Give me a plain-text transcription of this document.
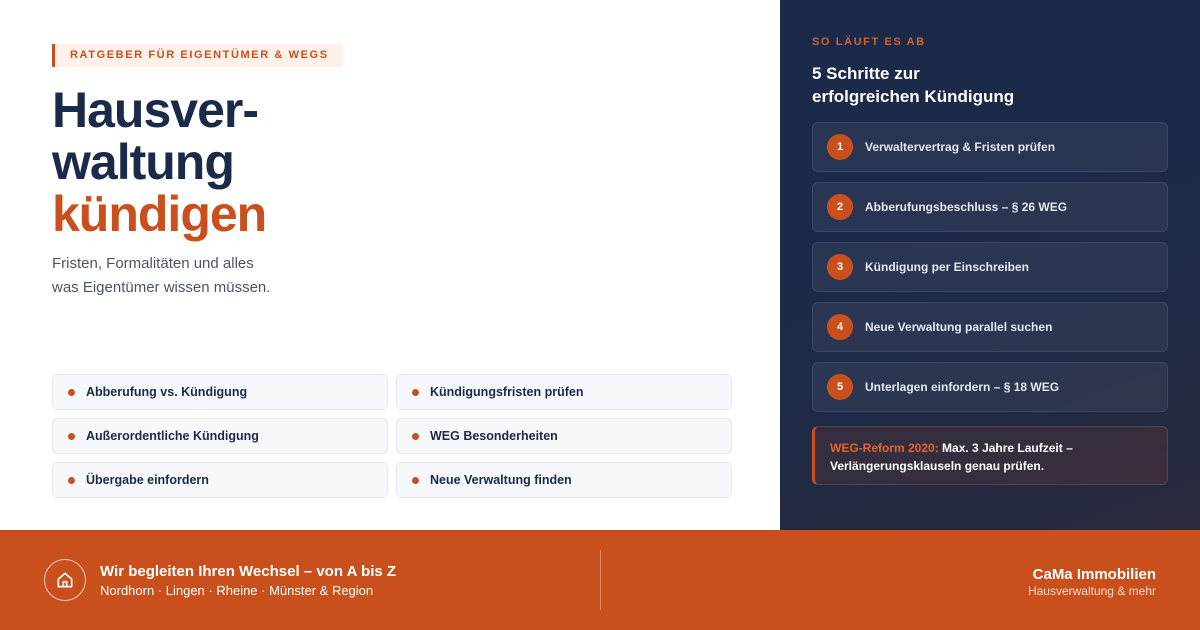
RATGEBER FÜR EIGENTÜMER & WEGS
Hausver-
waltung
kündigen

Fristen, Formalitäten und alles
was Eigentümer wissen müssen.

Abberufung vs. Kündigung	Kündigungsfristen prüfen
Außerordentliche Kündigung	WEG Besonderheiten
Übergabe einfordern	Neue Verwaltung finden
SO LÄUFT ES AB
5 Schritte zur
erfolgreichen Kündigung
1	Verwaltervertrag & Fristen prüfen
2	Abberufungsbeschluss – § 26 WEG
3	Kündigung per Einschreiben
4	Neue Verwaltung parallel suchen
5	Unterlagen einfordern – § 18 WEG
WEG-Reform 2020: Max. 3 Jahre Laufzeit –
Verlängerungsklauseln genau prüfen.
Wir begleiten Ihren Wechsel – von A bis Z
Nordhorn · Lingen · Rheine · Münster & Region
CaMa Immobilien
Hausverwaltung & mehr
